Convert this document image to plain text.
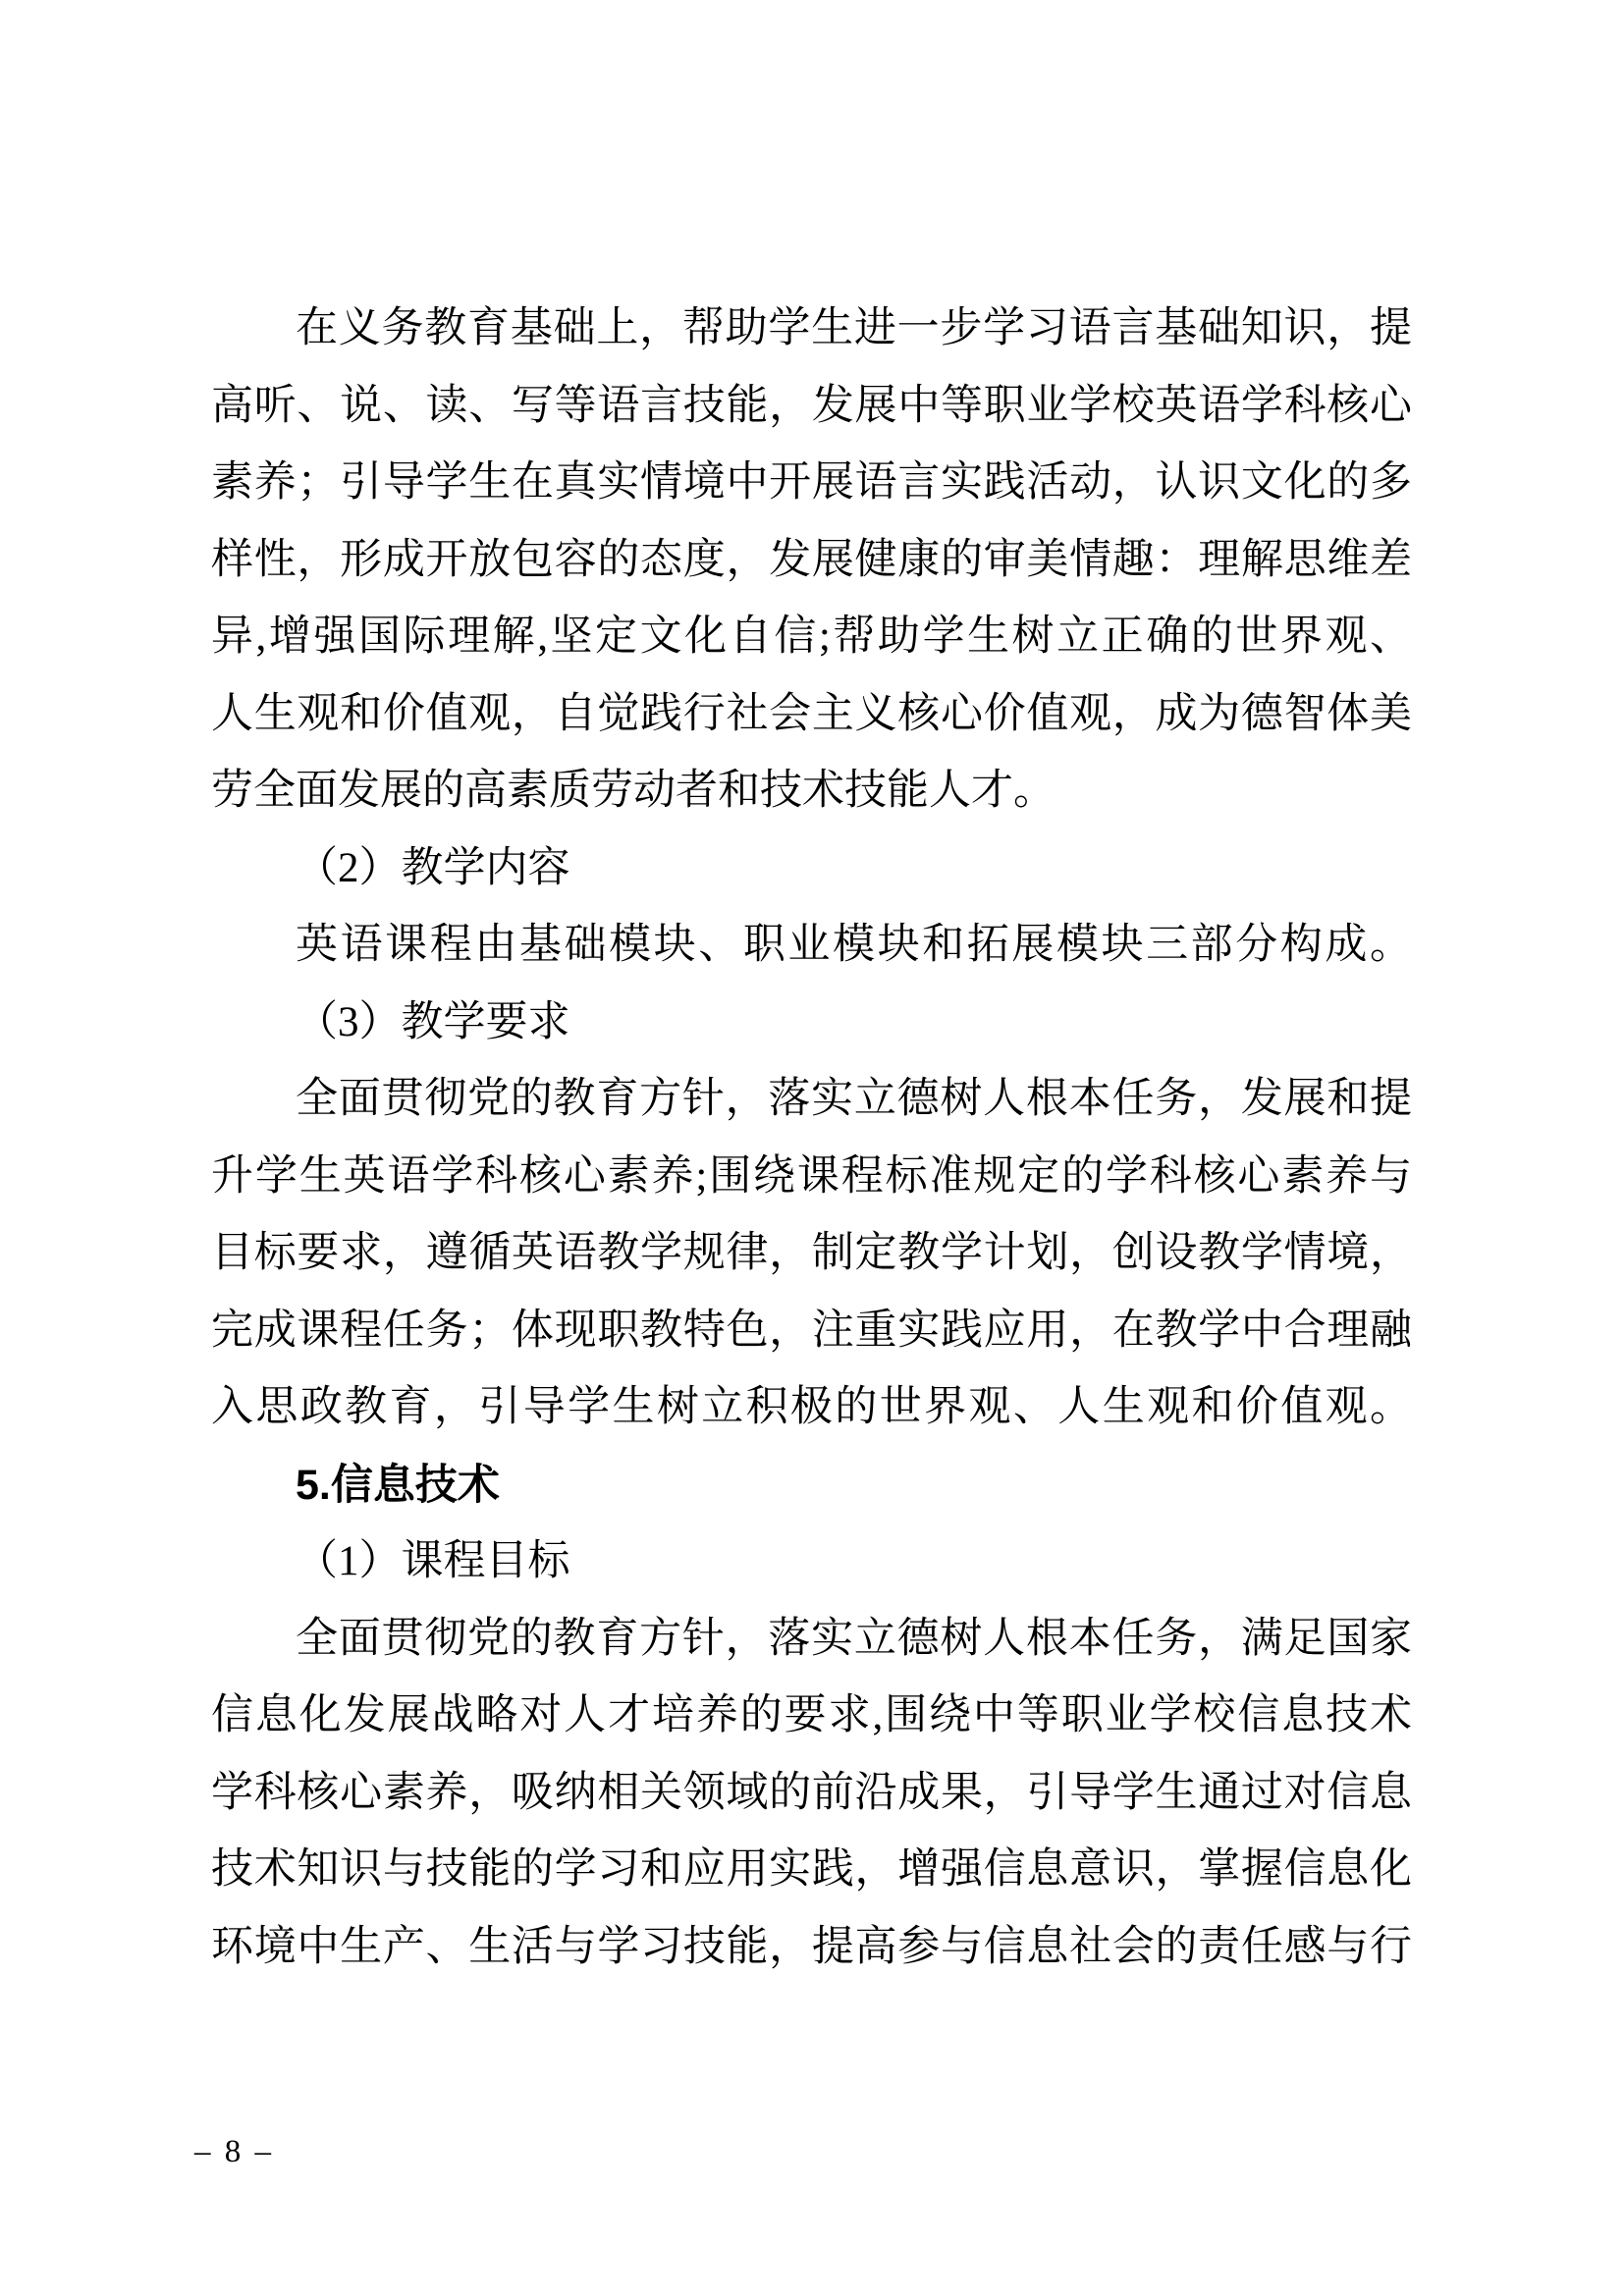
在义务教育基础上，帮助学生进一步学习语言基础知识，提
高听、说、读、写等语言技能，发展中等职业学校英语学科核心
素养；引导学生在真实情境中开展语言实践活动，认识文化的多
样性，形成开放包容的态度，发展健康的审美情趣：理解思维差
异,增强国际理解,坚定文化自信;帮助学生树立正确的世界观、
人生观和价值观，自觉践行社会主义核心价值观，成为德智体美
劳全面发展的高素质劳动者和技术技能人才。
（2）教学内容
英语课程由基础模块、职业模块和拓展模块三部分构成。
（3）教学要求
全面贯彻党的教育方针，落实立德树人根本任务，发展和提
升学生英语学科核心素养;围绕课程标准规定的学科核心素养与
目标要求，遵循英语教学规律，制定教学计划，创设教学情境，
完成课程任务；体现职教特色，注重实践应用，在教学中合理融
入思政教育，引导学生树立积极的世界观、人生观和价值观。
5.信息技术
（1）课程目标
全面贯彻党的教育方针，落实立德树人根本任务，满足国家
信息化发展战略对人才培养的要求,围绕中等职业学校信息技术
学科核心素养，吸纳相关领域的前沿成果，引导学生通过对信息
技术知识与技能的学习和应用实践，增强信息意识，掌握信息化
环境中生产、生活与学习技能，提高参与信息社会的责任感与行
– 8 –
